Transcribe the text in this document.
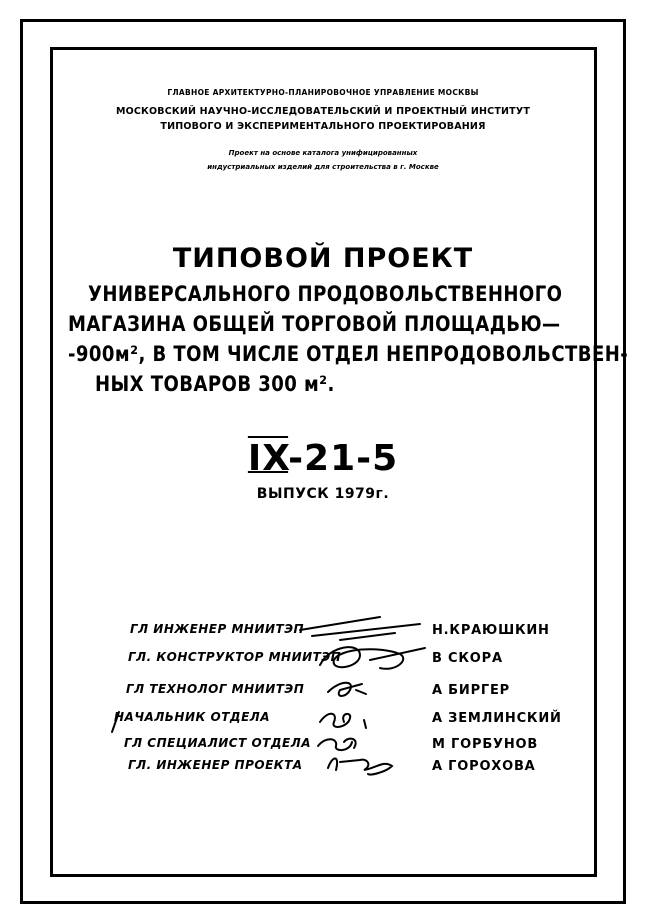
ГЛАВНОЕ АРХИТЕКТУРНО-ПЛАНИРОВОЧНОЕ УПРАВЛЕНИЕ МОСКВЫ
МОСКОВСКИЙ НАУЧНО-ИССЛЕДОВАТЕЛЬСКИЙ И ПРОЕКТНЫЙ ИНСТИТУТ
ТИПОВОГО И ЭКСПЕРИМЕНТАЛЬНОГО ПРОЕКТИРОВАНИЯ
Проект на основе каталога унифицированных
индустриальных изделий для строительства в г. Москве
ТИПОВОЙ ПРОЕКТ
УНИВЕРСАЛЬНОГО ПРОДОВОЛЬСТВЕННОГО
МАГАЗИНА ОБЩЕЙ ТОРГОВОЙ ПЛОЩАДЬЮ—
-900м², В ТОМ ЧИСЛЕ ОТДЕЛ НЕПРОДОВОЛЬСТВЕН-
НЫХ ТОВАРОВ 300 м².
IX-21-5
ВЫПУСК 1979г.
ГЛ ИНЖЕНЕР МНИИТЭП	Н.КРАЮШКИН
ГЛ. КОНСТРУКТОР МНИИТЭП	В СКОРА
ГЛ ТЕХНОЛОГ МНИИТЭП	А БИРГЕР
НАЧАЛЬНИК ОТДЕЛА	А ЗЕМЛИНСКИЙ
ГЛ СПЕЦИАЛИСТ ОТДЕЛА	М ГОРБУНОВ
ГЛ. ИНЖЕНЕР ПРОЕКТА	А ГОРОХОВА
